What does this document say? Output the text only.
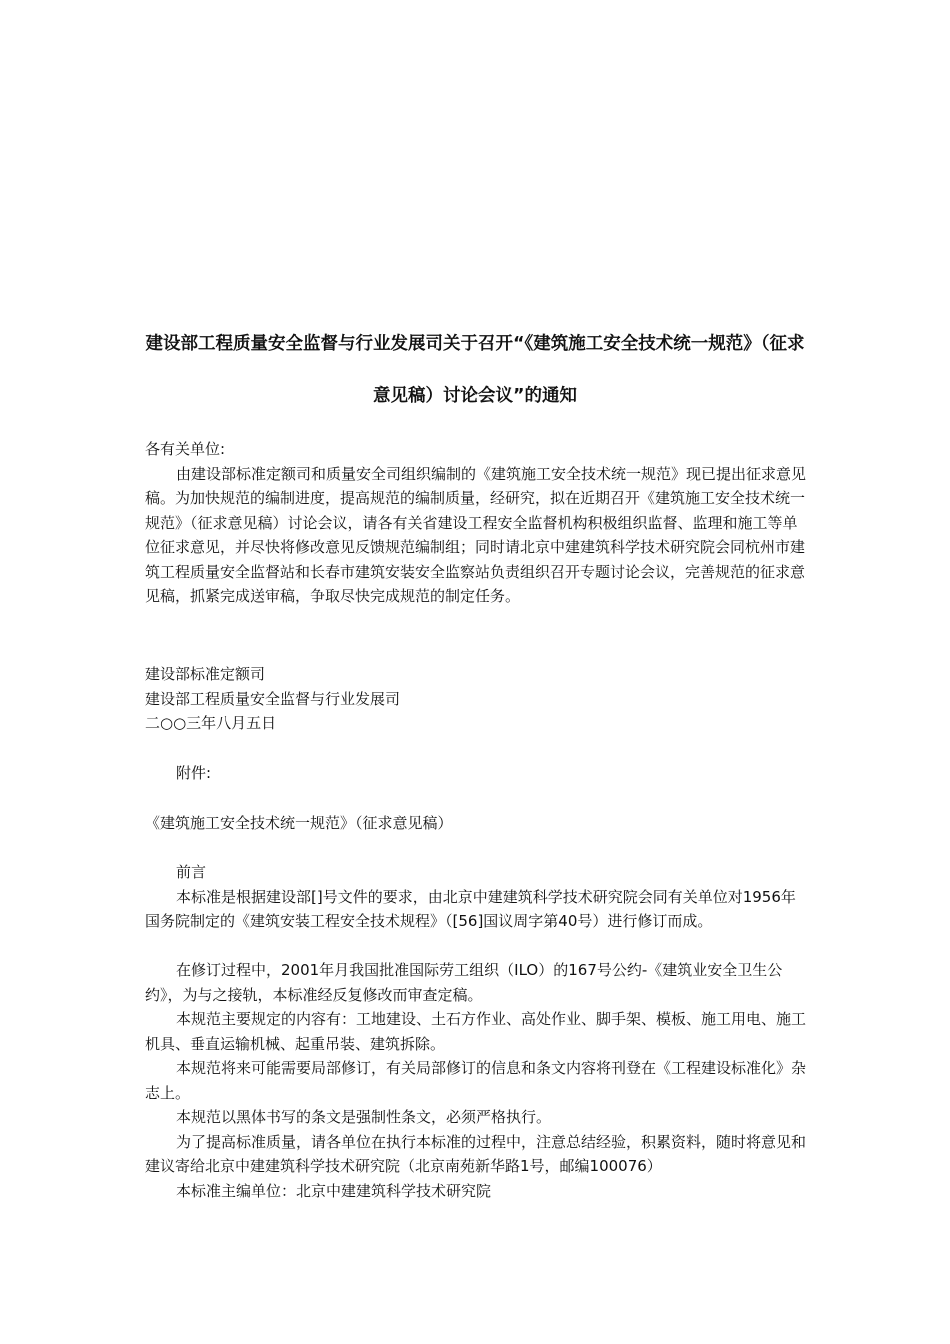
建设部工程质量安全监督与行业发展司关于召开“《建筑施工安全技术统一规范》（征求意见稿）讨论会议”的通知

各有关单位:

由建设部标准定额司和质量安全司组织编制的《建筑施工安全技术统一规范》现已提出征求意见稿。为加快规范的编制进度，提高规范的编制质量，经研究，拟在近期召开《建筑施工安全技术统一规范》（征求意见稿）讨论会议，请各有关省建设工程安全监督机构积极组织监督、监理和施工等单位征求意见，并尽快将修改意见反馈规范编制组；同时请北京中建建筑科学技术研究院会同杭州市建筑工程质量安全监督站和长春市建筑安装安全监察站负责组织召开专题讨论会议，完善规范的征求意见稿，抓紧完成送审稿，争取尽快完成规范的制定任务。

建设部标准定额司

建设部工程质量安全监督与行业发展司

二○○三年八月五日

附件:

《建筑施工安全技术统一规范》（征求意见稿）

前言

本标准是根据建设部[]号文件的要求，由北京中建建筑科学技术研究院会同有关单位对1956年国务院制定的《建筑安装工程安全技术规程》（[56]国议周字第40号）进行修订而成。

在修订过程中，2001年月我国批准国际劳工组织（ILO）的167号公约-《建筑业安全卫生公约》，为与之接轨，本标准经反复修改而审查定稿。

本规范主要规定的内容有：工地建设、土石方作业、高处作业、脚手架、模板、施工用电、施工机具、垂直运输机械、起重吊装、建筑拆除。

本规范将来可能需要局部修订，有关局部修订的信息和条文内容将刊登在《工程建设标准化》杂志上。

本规范以黑体书写的条文是强制性条文，必须严格执行。

为了提高标准质量，请各单位在执行本标准的过程中，注意总结经验，积累资料，随时将意见和建议寄给北京中建建筑科学技术研究院（北京南苑新华路1号，邮编100076）

本标准主编单位：北京中建建筑科学技术研究院
